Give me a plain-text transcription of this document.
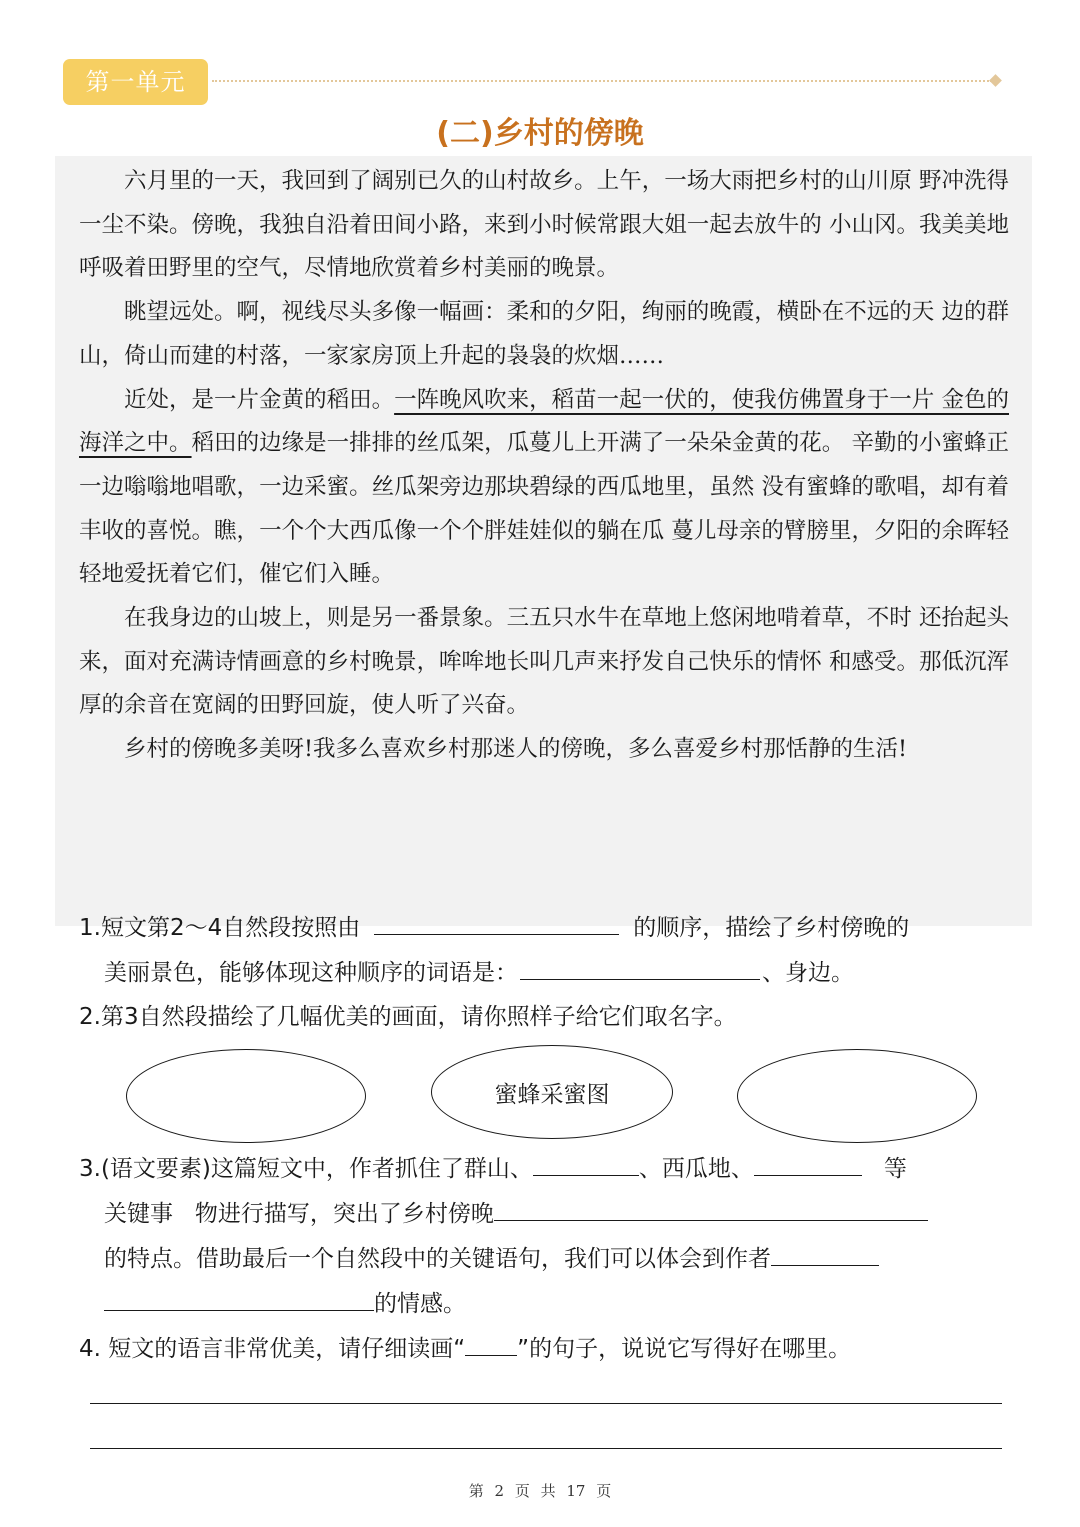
第一单元
(二)乡村的傍晚

六月里的一天，我回到了阔别已久的山村故乡。上午，一场大雨把乡村的山川原 野冲洗得一尘不染。傍晚，我独自沿着田间小路，来到小时候常跟大姐一起去放牛的 小山冈。我美美地呼吸着田野里的空气，尽情地欣赏着乡村美丽的晚景。

眺望远处。啊，视线尽头多像一幅画：柔和的夕阳，绚丽的晚霞，横卧在不远的天 边的群山，倚山而建的村落，一家家房顶上升起的袅袅的炊烟……

近处，是一片金黄的稻田。一阵晚风吹来，稻苗一起一伏的，使我仿佛置身于一片 金色的海洋之中。稻田的边缘是一排排的丝瓜架，瓜蔓儿上开满了一朵朵金黄的花。 辛勤的小蜜蜂正一边嗡嗡地唱歌，一边采蜜。丝瓜架旁边那块碧绿的西瓜地里，虽然 没有蜜蜂的歌唱，却有着丰收的喜悦。瞧，一个个大西瓜像一个个胖娃娃似的躺在瓜 蔓儿母亲的臂膀里，夕阳的余晖轻轻地爱抚着它们，催它们入睡。

在我身边的山坡上，则是另一番景象。三五只水牛在草地上悠闲地啃着草，不时 还抬起头来，面对充满诗情画意的乡村晚景，哞哞地长叫几声来抒发自己快乐的情怀 和感受。那低沉浑厚的余音在宽阔的田野回旋，使人听了兴奋。

乡村的傍晚多美呀!我多么喜欢乡村那迷人的傍晚，多么喜爱乡村那恬静的生活!

1.短文第2～4自然段按照由	的顺序，描绘了乡村傍晚的
美丽景色，能够体现这种顺序的词语是：	、身边。
2.第3自然段描绘了几幅优美的画面，请你照样子给它们取名字。
蜜蜂采蜜图
3.(语文要素)这篇短文中，作者抓住了群山、	、西瓜地、	等
关键事   物进行描写，突出了乡村傍晚
的特点。借助最后一个自然段中的关键语句，我们可以体会到作者
的情感。
4. 短文的语言非常优美，请仔细读画“ ”的句子，说说它写得好在哪里。
第 2 页 共 17 页
